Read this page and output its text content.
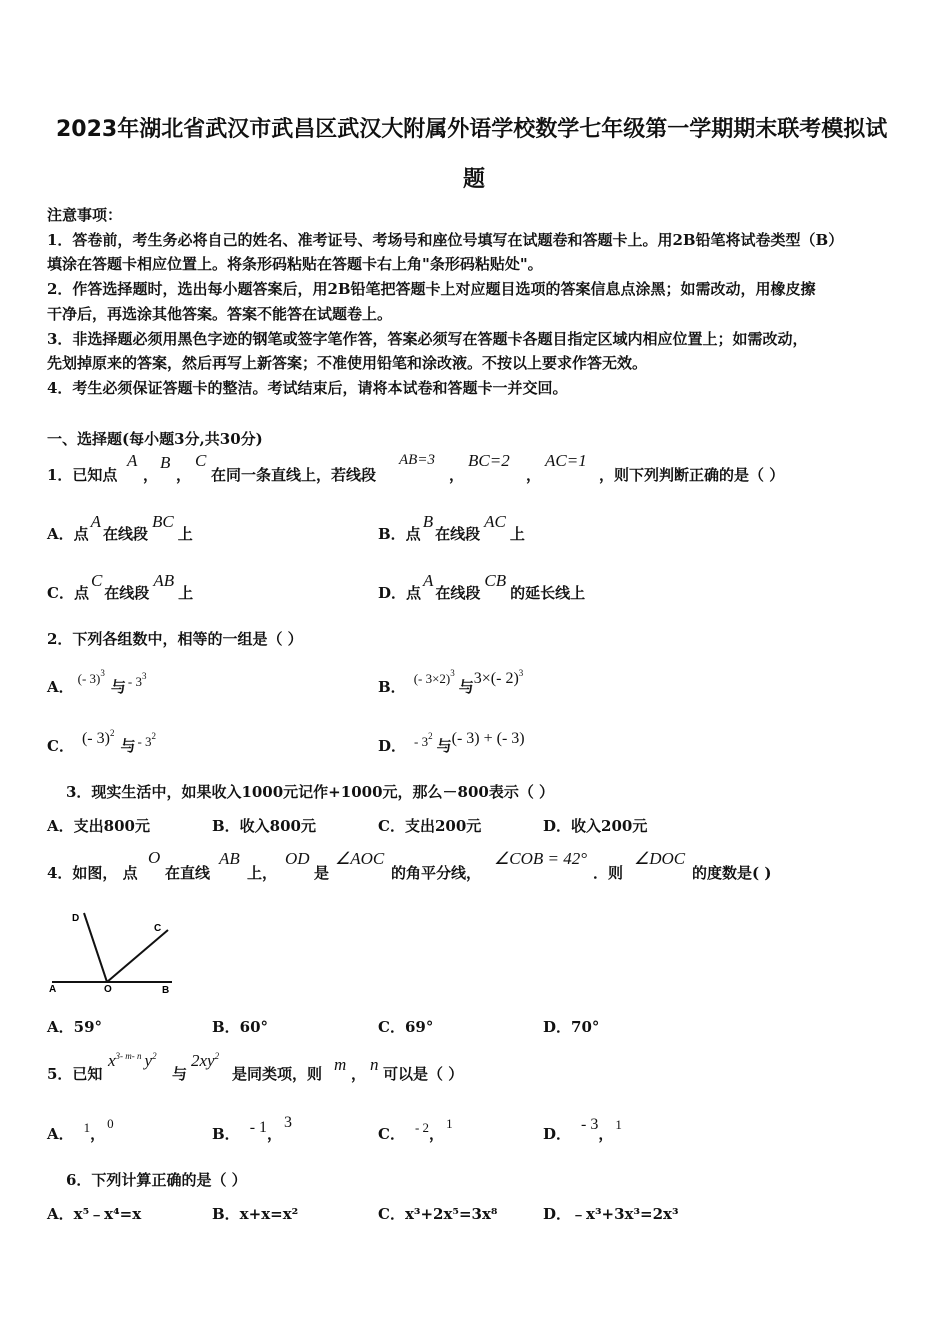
2023年湖北省武汉市武昌区武汉大附属外语学校数学七年级第一学期期末联考模拟试
题
注意事项：
1．答卷前，考生务必将自己的姓名、准考证号、考场号和座位号填写在试题卷和答题卡上。用2B铅笔将试卷类型（B）
填涂在答题卡相应位置上。将条形码粘贴在答题卡右上角"条形码粘贴处"。
2．作答选择题时，选出每小题答案后，用2B铅笔把答题卡上对应题目选项的答案信息点涂黑；如需改动，用橡皮擦
干净后，再选涂其他答案。答案不能答在试题卷上。
3．非选择题必须用黑色字迹的钢笔或签字笔作答，答案必须写在答题卡各题目指定区域内相应位置上；如需改动，
先划掉原来的答案，然后再写上新答案；不准使用铅笔和涂改液。不按以上要求作答无效。
4．考生必须保证答题卡的整洁。考试结束后，请将本试卷和答题卡一并交回。
一、选择题(每小题3分,共30分)
1．已知点
A
，
B
，
C
在同一条直线上，若线段
AB=3
，
BC=2
，
AC=1
，则下列判断正确的是（ ）
A．点A在线段BC上	B．点B在线段AC上
C．点C在线段AB上	D．点A在线段CB的延长线上
2．下列各组数中，相等的一组是（ ）
A． (- 3)$^3$与 - $3^3$
B． (- 3×2)$^3$与3×(- 2)$^3$
C． (- 3)$^2$与 - $3^2$
D． - $3^2$与(- 3) + (- 3)
3．现实生活中，如果收入1000元记作+1000元，那么－800表示（ ）
A．支出800元	B．收入800元	C．支出200元	D．收入200元
4．如图， 点
O
在直线
AB
上，
OD
是
∠AOC
的角平分线，
∠COB = 42°
．则
∠DOC
的度数是( )
D
C
A	O	B
A．59°	B．60°	C．69°	D．70°
5．已知
$x^{3- m- n}$ $y^2$
与
$2xy^2$
是同类项，则 m ， n 可以是（ ）
A． 1，0
B． - 1，3
C． - 2，1
D．- 3，1
6．下列计算正确的是（ ）
A．x⁵﹣x⁴=x	B．x+x=x²	C．x³+2x⁵=3x⁸	D．﹣x³+3x³=2x³
